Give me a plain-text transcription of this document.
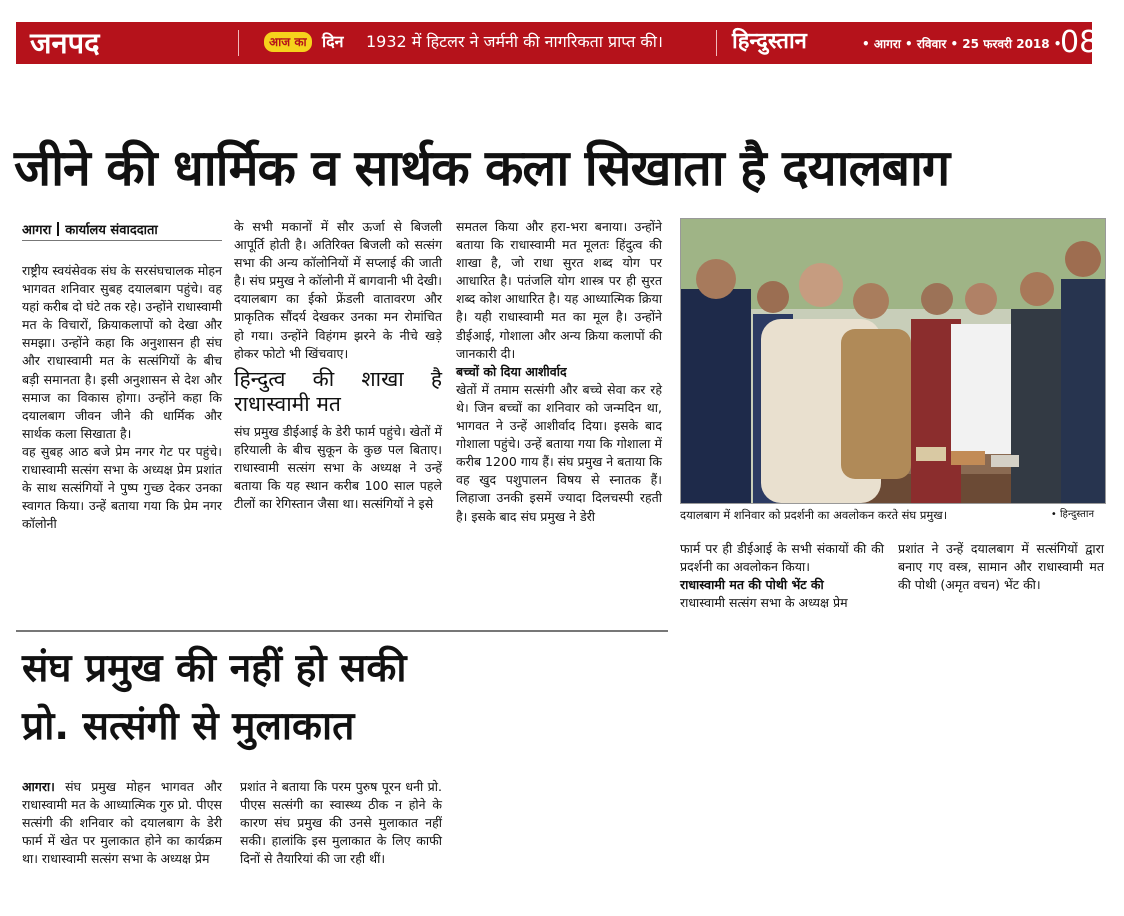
जनपद	आज का दिन 1932 में हिटलर ने जर्मनी की नागरिकता प्राप्त की।	हिन्दुस्तान	• आगरा • रविवार • 25 फरवरी 2018 •
08
जीने की धार्मिक व सार्थक कला सिखाता है दयालबाग
आगरा कार्यालय संवाददाता

राष्ट्रीय स्वयंसेवक संघ के सरसंघचालक मोहन भागवत शनिवार सुबह दयालबाग पहुंचे। वह यहां करीब दो घंटे तक रहे। उन्होंने राधास्वामी मत के विचारों, क्रियाकलापों को देखा और समझा। उन्होंने कहा कि अनुशासन ही संघ और राधास्वामी मत के सत्संगियों के बीच बड़ी समानता है। इसी अनुशासन से देश और समाज का विकास होगा। उन्होंने कहा कि दयालबाग जीवन जीने की धार्मिक और सार्थक कला सिखाता है।

वह सुबह आठ बजे प्रेम नगर गेट पर पहुंचे। राधास्वामी सत्संग सभा के अध्यक्ष प्रेम प्रशांत के साथ सत्संगियों ने पुष्प गुच्छ देकर उनका स्वागत किया। उन्हें बताया गया कि प्रेम नगर कॉलोनी

के सभी मकानों में सौर ऊर्जा से बिजली आपूर्ति होती है। अतिरिक्त बिजली को सत्संग सभा की अन्य कॉलोनियों में सप्लाई की जाती है। संघ प्रमुख ने कॉलोनी में बागवानी भी देखी। दयालबाग का ईको फ्रेंडली वातावरण और प्राकृतिक सौंदर्य देखकर उनका मन रोमांचित हो गया। उन्होंने विहंगम झरने के नीचे खड़े होकर फोटो भी खिंचवाए।

हिन्दुत्व की शाखा है राधास्वामी मत

संघ प्रमुख डीईआई के डेरी फार्म पहुंचे। खेतों में हरियाली के बीच सुकून के कुछ पल बिताए। राधास्वामी सत्संग सभा के अध्यक्ष ने उन्हें बताया कि यह स्थान करीब 100 साल पहले टीलों का रेगिस्तान जैसा था। सत्संगियों ने इसे

समतल किया और हरा-भरा बनाया। उन्होंने बताया कि राधास्वामी मत मूलतः हिंदुत्व की शाखा है, जो राधा सुरत शब्द योग पर आधारित है। पतंजलि योग शास्त्र पर ही सुरत शब्द कोश आधारित है। यह आध्यात्मिक क्रिया है। यही राधास्वामी मत का मूल है। उन्होंने डीईआई, गोशाला और अन्य क्रिया कलापों की जानकारी दी।

बच्चों को दिया आशीर्वाद

खेतों में तमाम सत्संगी और बच्चे सेवा कर रहे थे। जिन बच्चों का शनिवार को जन्मदिन था, भागवत ने उन्हें आशीर्वाद दिया। इसके बाद गोशाला पहुंचे। उन्हें बताया गया कि गोशाला में करीब 1200 गाय हैं। संघ प्रमुख ने बताया कि वह खुद पशुपालन विषय से स्नातक हैं। लिहाजा उनकी इसमें ज्यादा दिलचस्पी रहती है। इसके बाद संघ प्रमुख ने डेरी	दयालबाग में शनिवार को प्रदर्शनी का अवलोकन करते संघ प्रमुख।	• हिन्दुस्तान

फार्म पर ही डीईआई के सभी संकायों की की प्रदर्शनी का अवलोकन किया।

राधास्वामी मत की पोथी भेंट की

राधास्वामी सत्संग सभा के अध्यक्ष प्रेम

प्रशांत ने उन्हें दयालबाग में सत्संगियों द्वारा बनाए गए वस्त्र, सामान और राधास्वामी मत की पोथी (अमृत वचन) भेंट की।

संघ प्रमुख की नहीं हो सकी प्रो. सत्संगी से मुलाकात

आगरा। संघ प्रमुख मोहन भागवत और राधास्वामी मत के आध्यात्मिक गुरु प्रो. पीएस सत्संगी की शनिवार को दयालबाग के डेरी फार्म में खेत पर मुलाकात होने का कार्यक्रम था। राधास्वामी सत्संग सभा के अध्यक्ष प्रेम

प्रशांत ने बताया कि परम पुरुष पूरन धनी प्रो. पीएस सत्संगी का स्वास्थ्य ठीक न होने के कारण संघ प्रमुख की उनसे मुलाकात नहीं सकी। हालांकि इस मुलाकात के लिए काफी दिनों से तैयारियां की जा रही थीं।
